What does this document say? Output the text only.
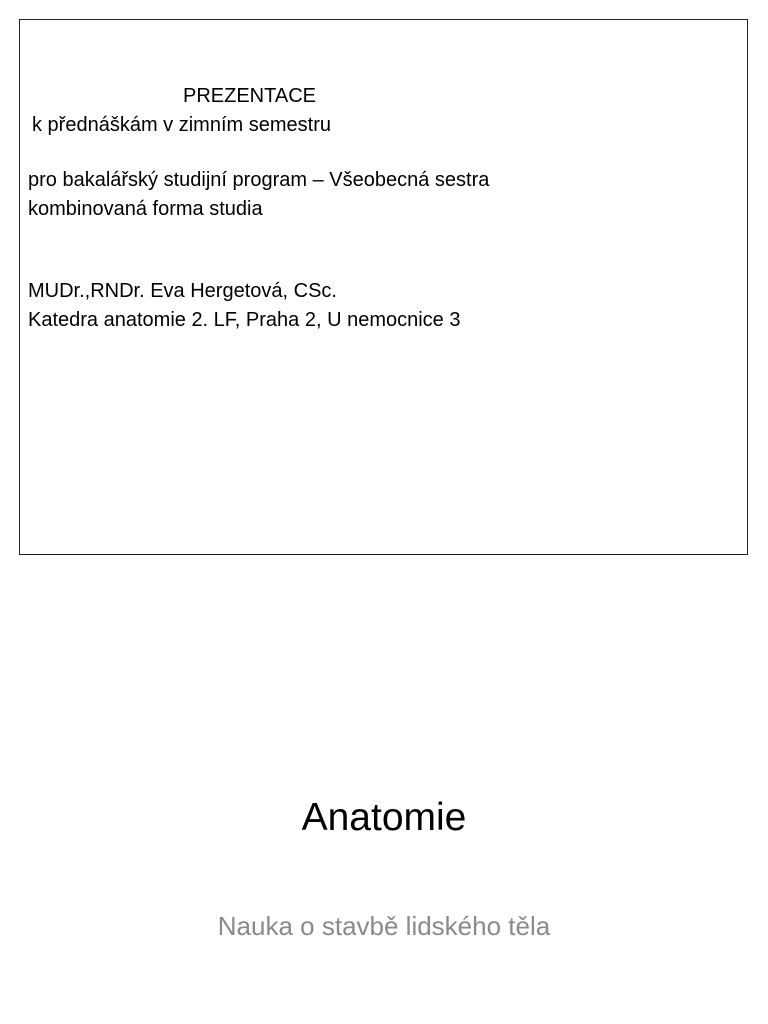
PREZENTACE
k přednáškám v zimním semestru
pro bakalářský studijní program – Všeobecná sestra
kombinovaná forma studia
MUDr.,RNDr. Eva Hergetová, CSc.
Katedra anatomie 2. LF, Praha 2, U nemocnice 3
Anatomie
Nauka o stavbě lidského těla
